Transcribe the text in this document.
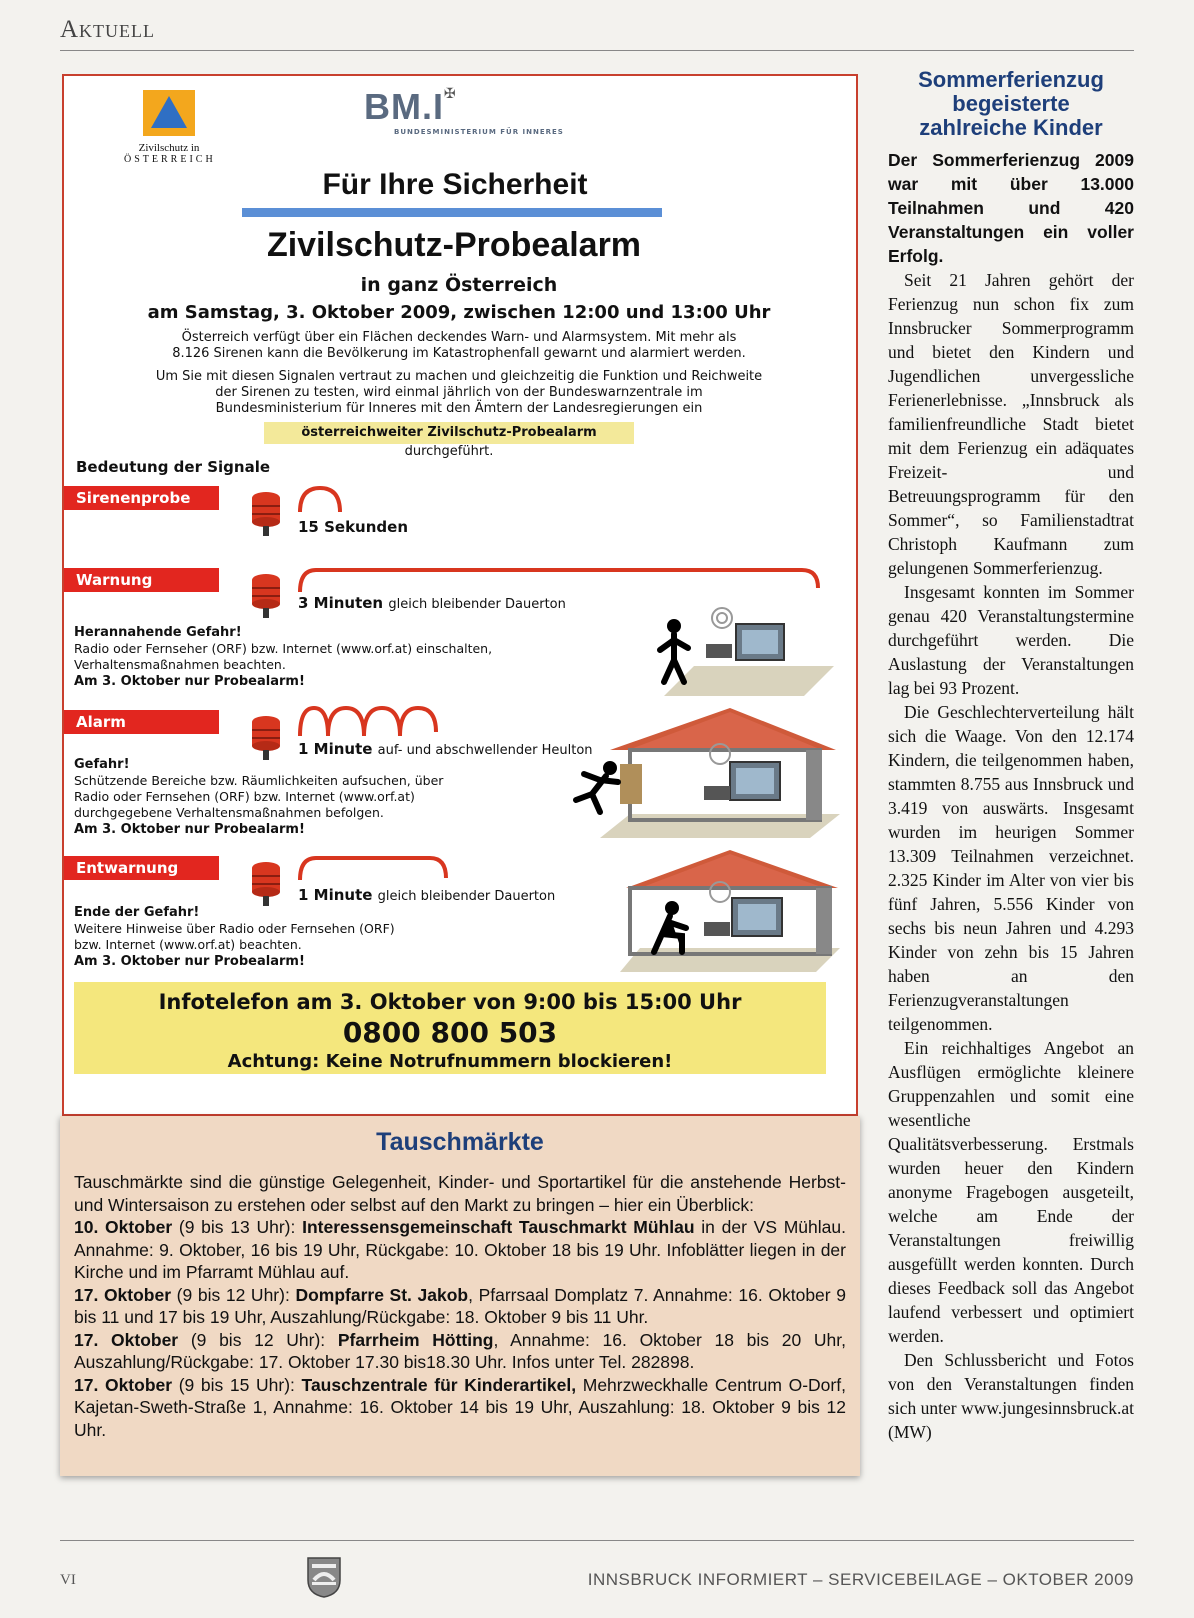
Aktuell
Zivilschutz in
ÖSTERREICH
BM.I✠
BUNDESMINISTERIUM FÜR INNERES
Für Ihre Sicherheit
Zivilschutz-Probealarm
in ganz Österreich
am Samstag, 3. Oktober 2009, zwischen 12:00 und 13:00 Uhr
Österreich verfügt über ein Flächen deckendes Warn- und Alarmsystem. Mit mehr als
8.126 Sirenen kann die Bevölkerung im Katastrophenfall gewarnt und alarmiert werden.
Um Sie mit diesen Signalen vertraut zu machen und gleichzeitig die Funktion und Reichweite
der Sirenen zu testen, wird einmal jährlich von der Bundeswarnzentrale im
Bundesministerium für Inneres mit den Ämtern der Landesregierungen ein
österreichweiter Zivilschutz-Probealarm
durchgeführt.
Bedeutung der Signale
Sirenenprobe
15 Sekunden
Warnung
3 Minuten gleich bleibender Dauerton
Herannahende Gefahr!
Radio oder Fernseher (ORF) bzw. Internet (www.orf.at) einschalten,
Verhaltensmaßnahmen beachten.
Am 3. Oktober nur Probealarm!
Alarm
1 Minute auf- und abschwellender Heulton
Gefahr!
Schützende Bereiche bzw. Räumlichkeiten aufsuchen, über
Radio oder Fernsehen (ORF) bzw. Internet (www.orf.at)
durchgegebene Verhaltensmaßnahmen befolgen.
Am 3. Oktober nur Probealarm!
Entwarnung
1 Minute gleich bleibender Dauerton
Ende der Gefahr!
Weitere Hinweise über Radio oder Fernsehen (ORF)
bzw. Internet (www.orf.at) beachten.
Am 3. Oktober nur Probealarm!
Infotelefon am 3. Oktober von 9:00 bis 15:00 Uhr
0800 800 503
Achtung: Keine Notrufnummern blockieren!
Tauschmärkte
Tauschmärkte sind die günstige Gelegenheit, Kinder- und Sportartikel für die anstehende Herbst- und Wintersaison zu erstehen oder selbst auf den Markt zu bringen – hier ein Überblick:
10. Oktober (9 bis 13 Uhr): Interessensgemeinschaft Tauschmarkt Mühlau in der VS Mühlau. Annahme: 9. Oktober, 16 bis 19 Uhr, Rückgabe: 10. Oktober 18 bis 19 Uhr. Infoblätter liegen in der Kirche und im Pfarramt Mühlau auf.
17. Oktober (9 bis 12 Uhr): Dompfarre St. Jakob, Pfarrsaal Domplatz 7. Annahme: 16. Oktober 9 bis 11 und 17 bis 19 Uhr, Auszahlung/Rückgabe: 18. Oktober 9 bis 11 Uhr.
17. Oktober (9 bis 12 Uhr): Pfarrheim Hötting, Annahme: 16. Oktober 18 bis 20 Uhr, Auszahlung/Rückgabe: 17. Oktober 17.30 bis18.30 Uhr. Infos unter Tel. 282898.
17. Oktober (9 bis 15 Uhr): Tauschzentrale für Kinderartikel, Mehrzweckhalle Centrum O-Dorf, Kajetan-Sweth-Straße 1, Annahme: 16. Oktober 14 bis 19 Uhr, Auszahlung: 18. Oktober 9 bis 12 Uhr.
Sommerferienzug
begeisterte
zahlreiche Kinder
Der Sommerferienzug 2009 war mit über 13.000 Teilnahmen und 420 Veranstaltungen ein voller Erfolg.
Seit 21 Jahren gehört der Ferienzug nun schon fix zum Innsbrucker Sommerprogramm und bietet den Kindern und Jugendlichen unvergessliche Ferienerlebnisse. „Innsbruck als familienfreundliche Stadt bietet mit dem Ferienzug ein adäquates Freizeit- und Betreuungsprogramm für den Sommer“, so Familienstadtrat Christoph Kaufmann zum gelungenen Sommerferienzug.
Insgesamt konnten im Sommer genau 420 Veranstaltungstermine durchgeführt werden. Die Auslastung der Veranstaltungen lag bei 93 Prozent.
Die Geschlechterverteilung hält sich die Waage. Von den 12.174 Kindern, die teilgenommen haben, stammten 8.755 aus Innsbruck und 3.419 von auswärts. Insgesamt wurden im heurigen Sommer 13.309 Teilnahmen verzeichnet. 2.325 Kinder im Alter von vier bis fünf Jahren, 5.556 Kinder von sechs bis neun Jahren und 4.293 Kinder von zehn bis 15 Jahren haben an den Ferienzugveranstaltungen teilgenommen.
Ein reichhaltiges Angebot an Ausflügen ermöglichte kleinere Gruppenzahlen und somit eine wesentliche Qualitätsverbesserung. Erstmals wurden heuer den Kindern anonyme Fragebogen ausgeteilt, welche am Ende der Veranstaltungen freiwillig ausgefüllt werden konnten. Durch dieses Feedback soll das Angebot laufend verbessert und optimiert werden.
Den Schlussbericht und Fotos von den Veranstaltungen finden sich unter www.jungesinnsbruck.at (MW)
VI	INNSBRUCK INFORMIERT – SERVICEBEILAGE – OKTOBER 2009
